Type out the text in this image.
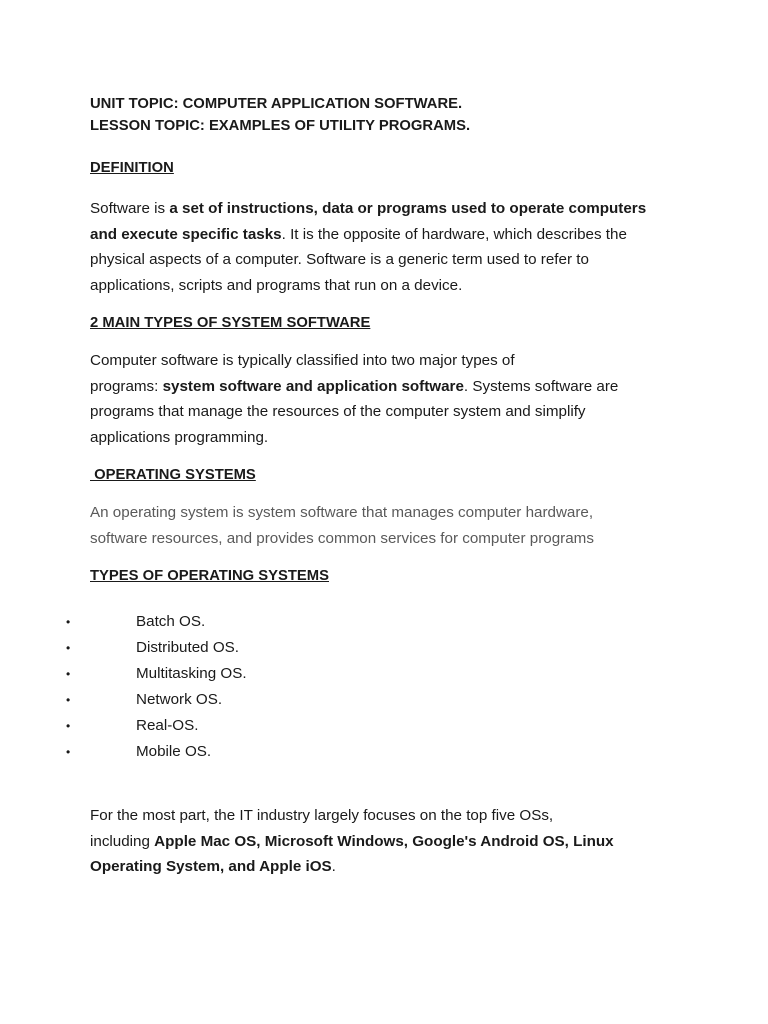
UNIT TOPIC: COMPUTER APPLICATION SOFTWARE.

LESSON TOPIC: EXAMPLES OF UTILITY PROGRAMS.

DEFINITION

Software is a set of instructions, data or programs used to operate computers
and execute specific tasks. It is the opposite of hardware, which describes the
physical aspects of a computer. Software is a generic term used to refer to
applications, scripts and programs that run on a device.

2 MAIN TYPES OF SYSTEM SOFTWARE

Computer software is typically classified into two major types of
programs: system software and application software. Systems software are
programs that manage the resources of the computer system and simplify
applications programming.

OPERATING SYSTEMS

An operating system is system software that manages computer hardware,
software resources, and provides common services for computer programs

TYPES OF OPERATING SYSTEMS

•	Batch OS.
•	Distributed OS.
•	Multitasking OS.
•	Network OS.
•	Real-OS.
•	Mobile OS.

For the most part, the IT industry largely focuses on the top five OSs,
including Apple Mac OS, Microsoft Windows, Google's Android OS, Linux
Operating System, and Apple iOS.
